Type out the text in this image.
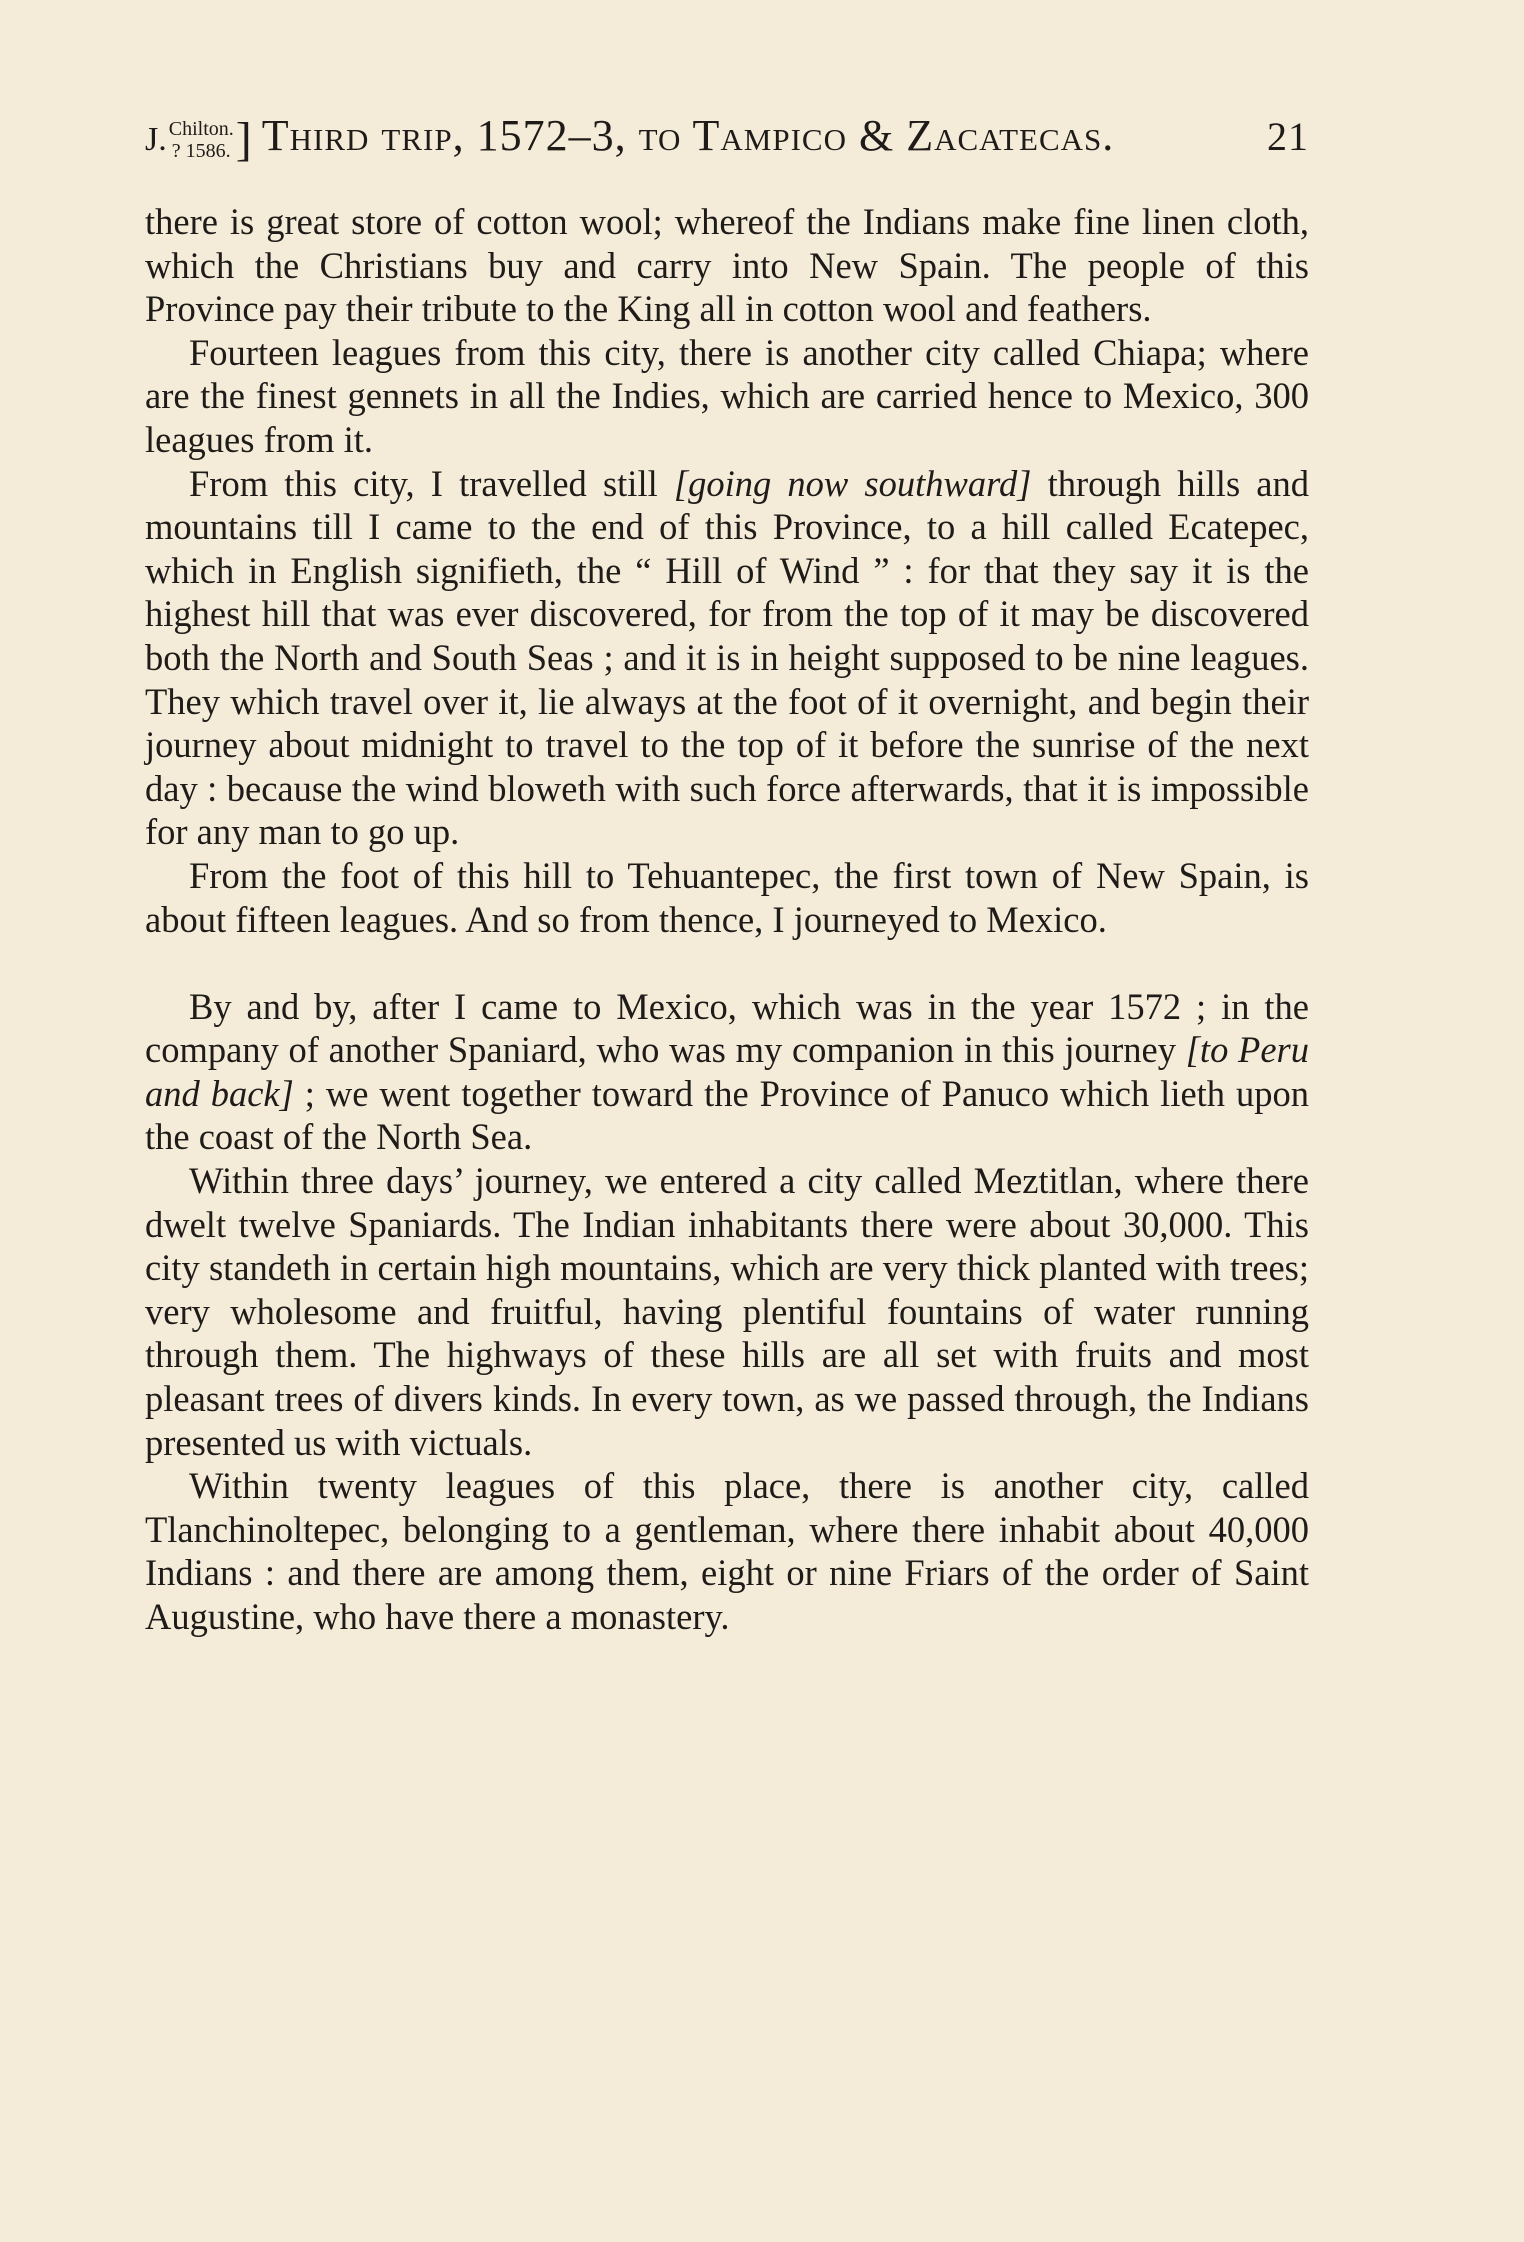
J. Chilton.
? 1586. ] Third trip, 1572–3, to Tampico & Zacatecas.	21

there is great store of cotton wool; whereof the Indians make fine linen cloth, which the Christians buy and carry into New Spain. The people of this Province pay their tribute to the King all in cotton wool and feathers.

Fourteen leagues from this city, there is another city called Chiapa; where are the finest gennets in all the Indies, which are carried hence to Mexico, 300 leagues from it.

From this city, I travelled still [going now southward] through hills and mountains till I came to the end of this Province, to a hill called Ecatepec, which in English signifieth, the “ Hill of Wind ” : for that they say it is the highest hill that was ever discovered, for from the top of it may be discovered both the North and South Seas ; and it is in height supposed to be nine leagues. They which travel over it, lie always at the foot of it overnight, and begin their journey about midnight to travel to the top of it before the sunrise of the next day : because the wind bloweth with such force afterwards, that it is impossible for any man to go up.

From the foot of this hill to Tehuantepec, the first town of New Spain, is about fifteen leagues. And so from thence, I journeyed to Mexico.

By and by, after I came to Mexico, which was in the year 1572 ; in the company of another Spaniard, who was my companion in this journey [to Peru and back] ; we went together toward the Province of Panuco which lieth upon the coast of the North Sea.

Within three days’ journey, we entered a city called Meztitlan, where there dwelt twelve Spaniards. The Indian inhabitants there were about 30,000. This city standeth in certain high mountains, which are very thick planted with trees; very wholesome and fruitful, having plentiful fountains of water running through them. The highways of these hills are all set with fruits and most pleasant trees of divers kinds. In every town, as we passed through, the Indians presented us with victuals.

Within twenty leagues of this place, there is another city, called Tlanchinoltepec, belonging to a gentleman, where there inhabit about 40,000 Indians : and there are among them, eight or nine Friars of the order of Saint Augustine, who have there a monastery.
